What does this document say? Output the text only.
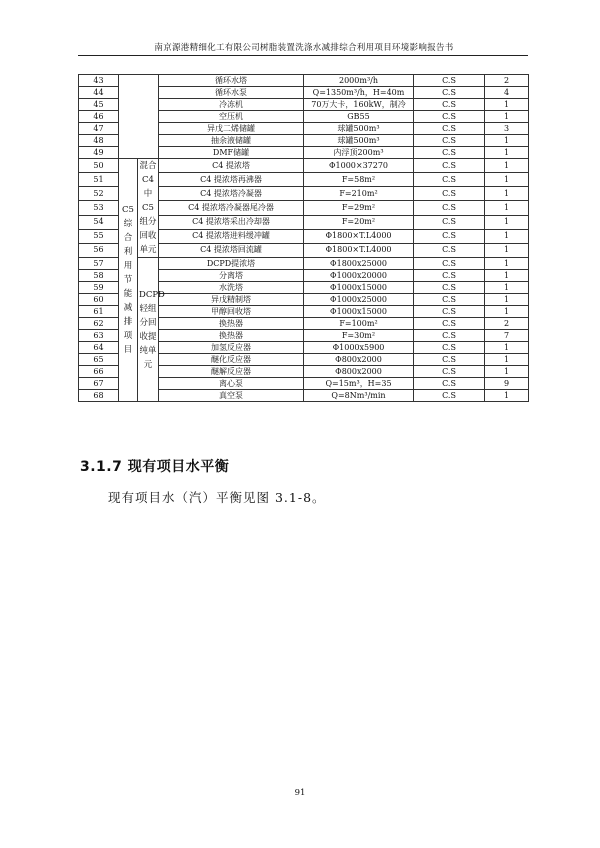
南京源港精细化工有限公司树脂装置洗涤水减排综合利用项目环境影响报告书
43			循环水塔	2000m³/h	C.S	2
44			循环水泵	Q=1350m³/h，H=40m	C.S	4
45			冷冻机	70万大卡，160kW，制冷	C.S	1
46			空压机	GB55	C.S	1
47			异戊二烯储罐	球罐500m³	C.S	3
48			抽余液储罐	球罐500m³	C.S	1
49			DMF储罐	内浮顶200m³	C.S	1
50	C5综合利用节能减排项目	混合C4中C5组分回收单元	C4 提浓塔	Φ1000×37270	C.S	1
51			C4 提浓塔再沸器	F=58m²	C.S	1
52			C4 提浓塔冷凝器	F=210m²	C.S	1
53			C4 提浓塔冷凝器尾冷器	F=29m²	C.S	1
54			C4 提浓塔采出冷却器	F=20m²	C.S	1
55			C4 提浓塔进料缓冲罐	Φ1800×T.L4000	C.S	1
56			C4 提浓塔回流罐	Φ1800×T.L4000	C.S	1
57		DCPD轻组分回收提纯单元	DCPD提浓塔	Φ1800x25000	C.S	1
58			分离塔	Φ1000x20000	C.S	1
59			水洗塔	Φ1000x15000	C.S	1
60			异戊精制塔	Φ1000x25000	C.S	1
61			甲醇回收塔	Φ1000x15000	C.S	1
62			换热器	F=100m²	C.S	2
63			换热器	F=30m²	C.S	7
64			加氢反应器	Φ1000x5900	C.S	1
65			醚化反应器	Φ800x2000	C.S	1
66			醚解反应器	Φ800x2000	C.S	1
67			离心泵	Q=15m³，H=35	C.S	9
68			真空泵	Q=8Nm³/min	C.S	1
3.1.7 现有项目水平衡
现有项目水（汽）平衡见图 3.1-8。
91
